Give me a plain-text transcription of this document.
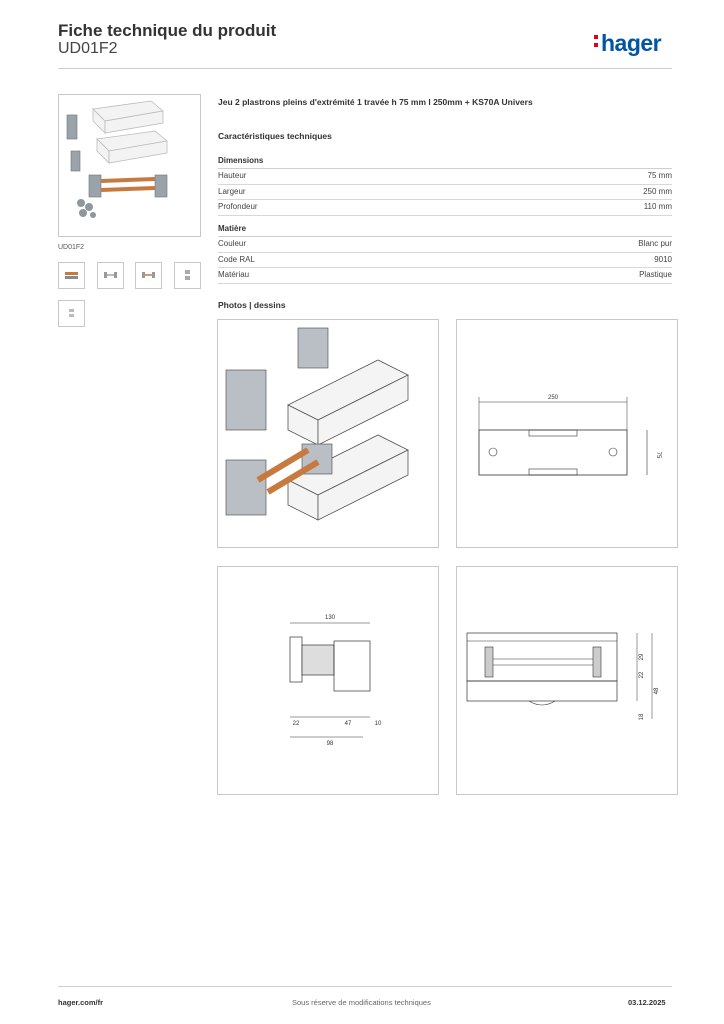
Fiche technique du produit
UD01F2	hager
UD01F2
Jeu 2 plastrons pleins d'extrémité 1 travée h 75 mm l 250mm + KS70A Univers
Caractéristiques techniques
Dimensions
Hauteur	75 mm
Largeur	250 mm
Profondeur	110 mm
Matière
Couleur	Blanc pur
Code RAL	9010
Matériau	Plastique
Photos | dessins
250
75
130
22	47	10
98
29
22
48
18
hager.com/fr	Sous réserve de modifications techniques	03.12.2025
